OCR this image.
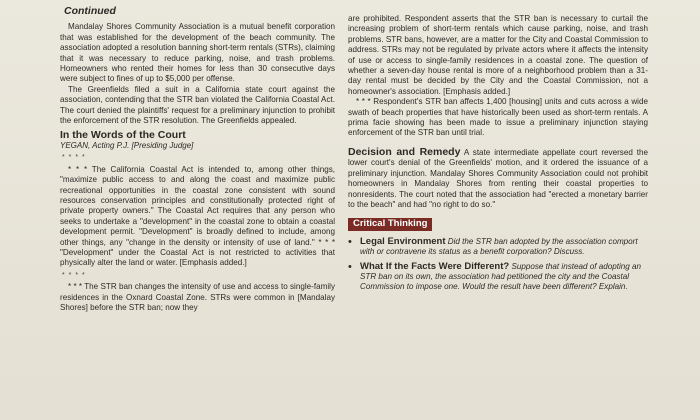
Continued

Mandalay Shores Community Association is a mutual benefit corporation that was established for the development of the beach community. The association adopted a resolution banning short-term rentals (STRs), claiming that it was necessary to reduce parking, noise, and trash problems. Homeowners who rented their homes for less than 30 consecutive days were subject to fines of up to $5,000 per offense.

The Greenfields filed a suit in a California state court against the association, contending that the STR ban violated the California Coastal Act. The court denied the plaintiffs' request for a preliminary injunction to prohibit the enforcement of the STR resolution. The Greenfields appealed.

In the Words of the Court
YEGAN, Acting P.J. [Presiding Judge]
* * * *

* * * The California Coastal Act is intended to, among other things, "maximize public access to and along the coast and maximize public recreational opportunities in the coastal zone consistent with sound resources conservation principles and constitutionally protected right of private property owners." The Coastal Act requires that any person who seeks to undertake a "development" in the coastal zone to obtain a coastal development permit. "Development" is broadly defined to include, among other things, any "change in the density or intensity of use of land." * * * "Development" under the Coastal Act is not restricted to activities that physically alter the land or water. [Emphasis added.]

* * * *

* * * The STR ban changes the intensity of use and access to single-family residences in the Oxnard Coastal Zone. STRs were common in [Mandalay Shores] before the STR ban; now they

are prohibited. Respondent asserts that the STR ban is necessary to curtail the increasing problem of short-term rentals which cause parking, noise, and trash problems. STR bans, however, are a matter for the City and Coastal Commission to address. STRs may not be regulated by private actors where it affects the intensity of use or access to single-family residences in a coastal zone. The question of whether a seven-day house rental is more of a neighborhood problem than a 31-day rental must be decided by the City and the Coastal Commission, not a homeowner's association. [Emphasis added.]

* * * Respondent's STR ban affects 1,400 [housing] units and cuts across a wide swath of beach properties that have historically been used as short-term rentals. A prima facie showing has been made to issue a preliminary injunction staying enforcement of the STR ban until trial.

Decision and Remedy A state intermediate appellate court reversed the lower court's denial of the Greenfields' motion, and it ordered the issuance of a preliminary injunction. Mandalay Shores Community Association could not prohibit homeowners in Mandalay Shores from renting their coastal properties to nonresidents. The court noted that the association had "erected a monetary barrier to the beach" and had "no right to do so."

Critical Thinking
• Legal Environment Did the STR ban adopted by the association comport with or contravene its status as a benefit corporation? Discuss.
• What If the Facts Were Different? Suppose that instead of adopting an STR ban on its own, the association had petitioned the city and the Coastal Commission to impose one. Would the result have been different? Explain.
